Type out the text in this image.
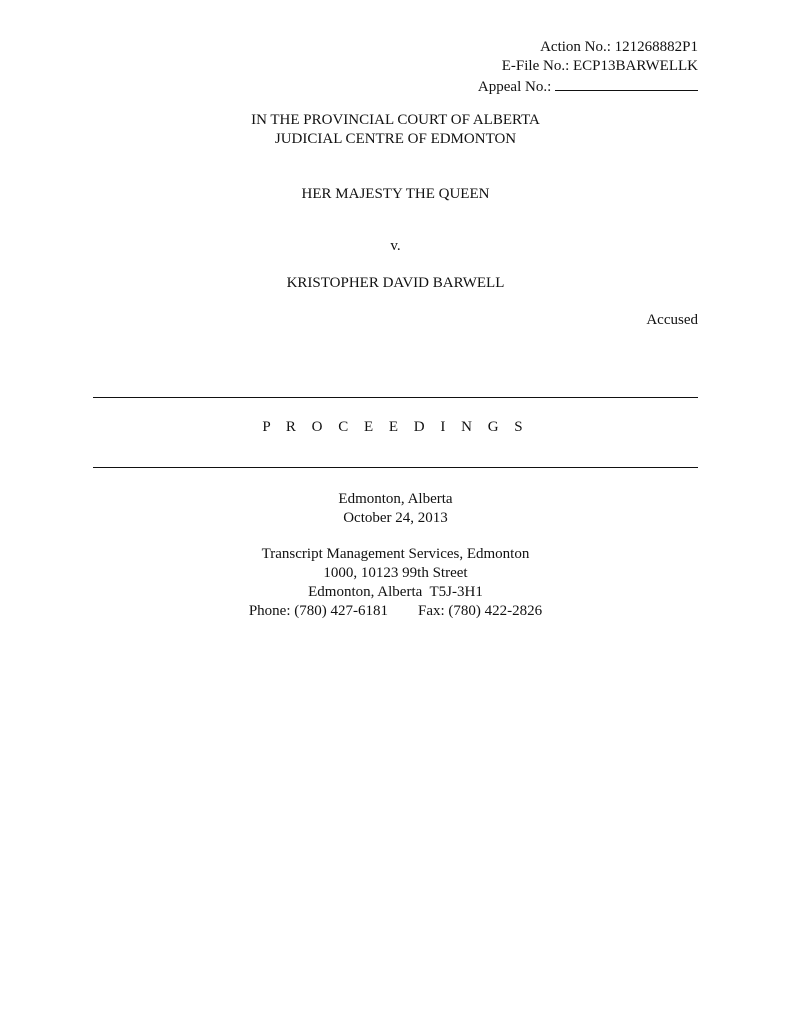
Action No.: 121268882P1
E-File No.: ECP13BARWELLK
Appeal No.:
IN THE PROVINCIAL COURT OF ALBERTA
JUDICIAL CENTRE OF EDMONTON
HER MAJESTY THE QUEEN
v.
KRISTOPHER DAVID BARWELL
Accused
P R O C E E D I N G S
Edmonton, Alberta
October 24, 2013
Transcript Management Services, Edmonton
1000, 10123 99th Street
Edmonton, Alberta  T5J-3H1
Phone: (780) 427-6181 Fax: (780) 422-2826
